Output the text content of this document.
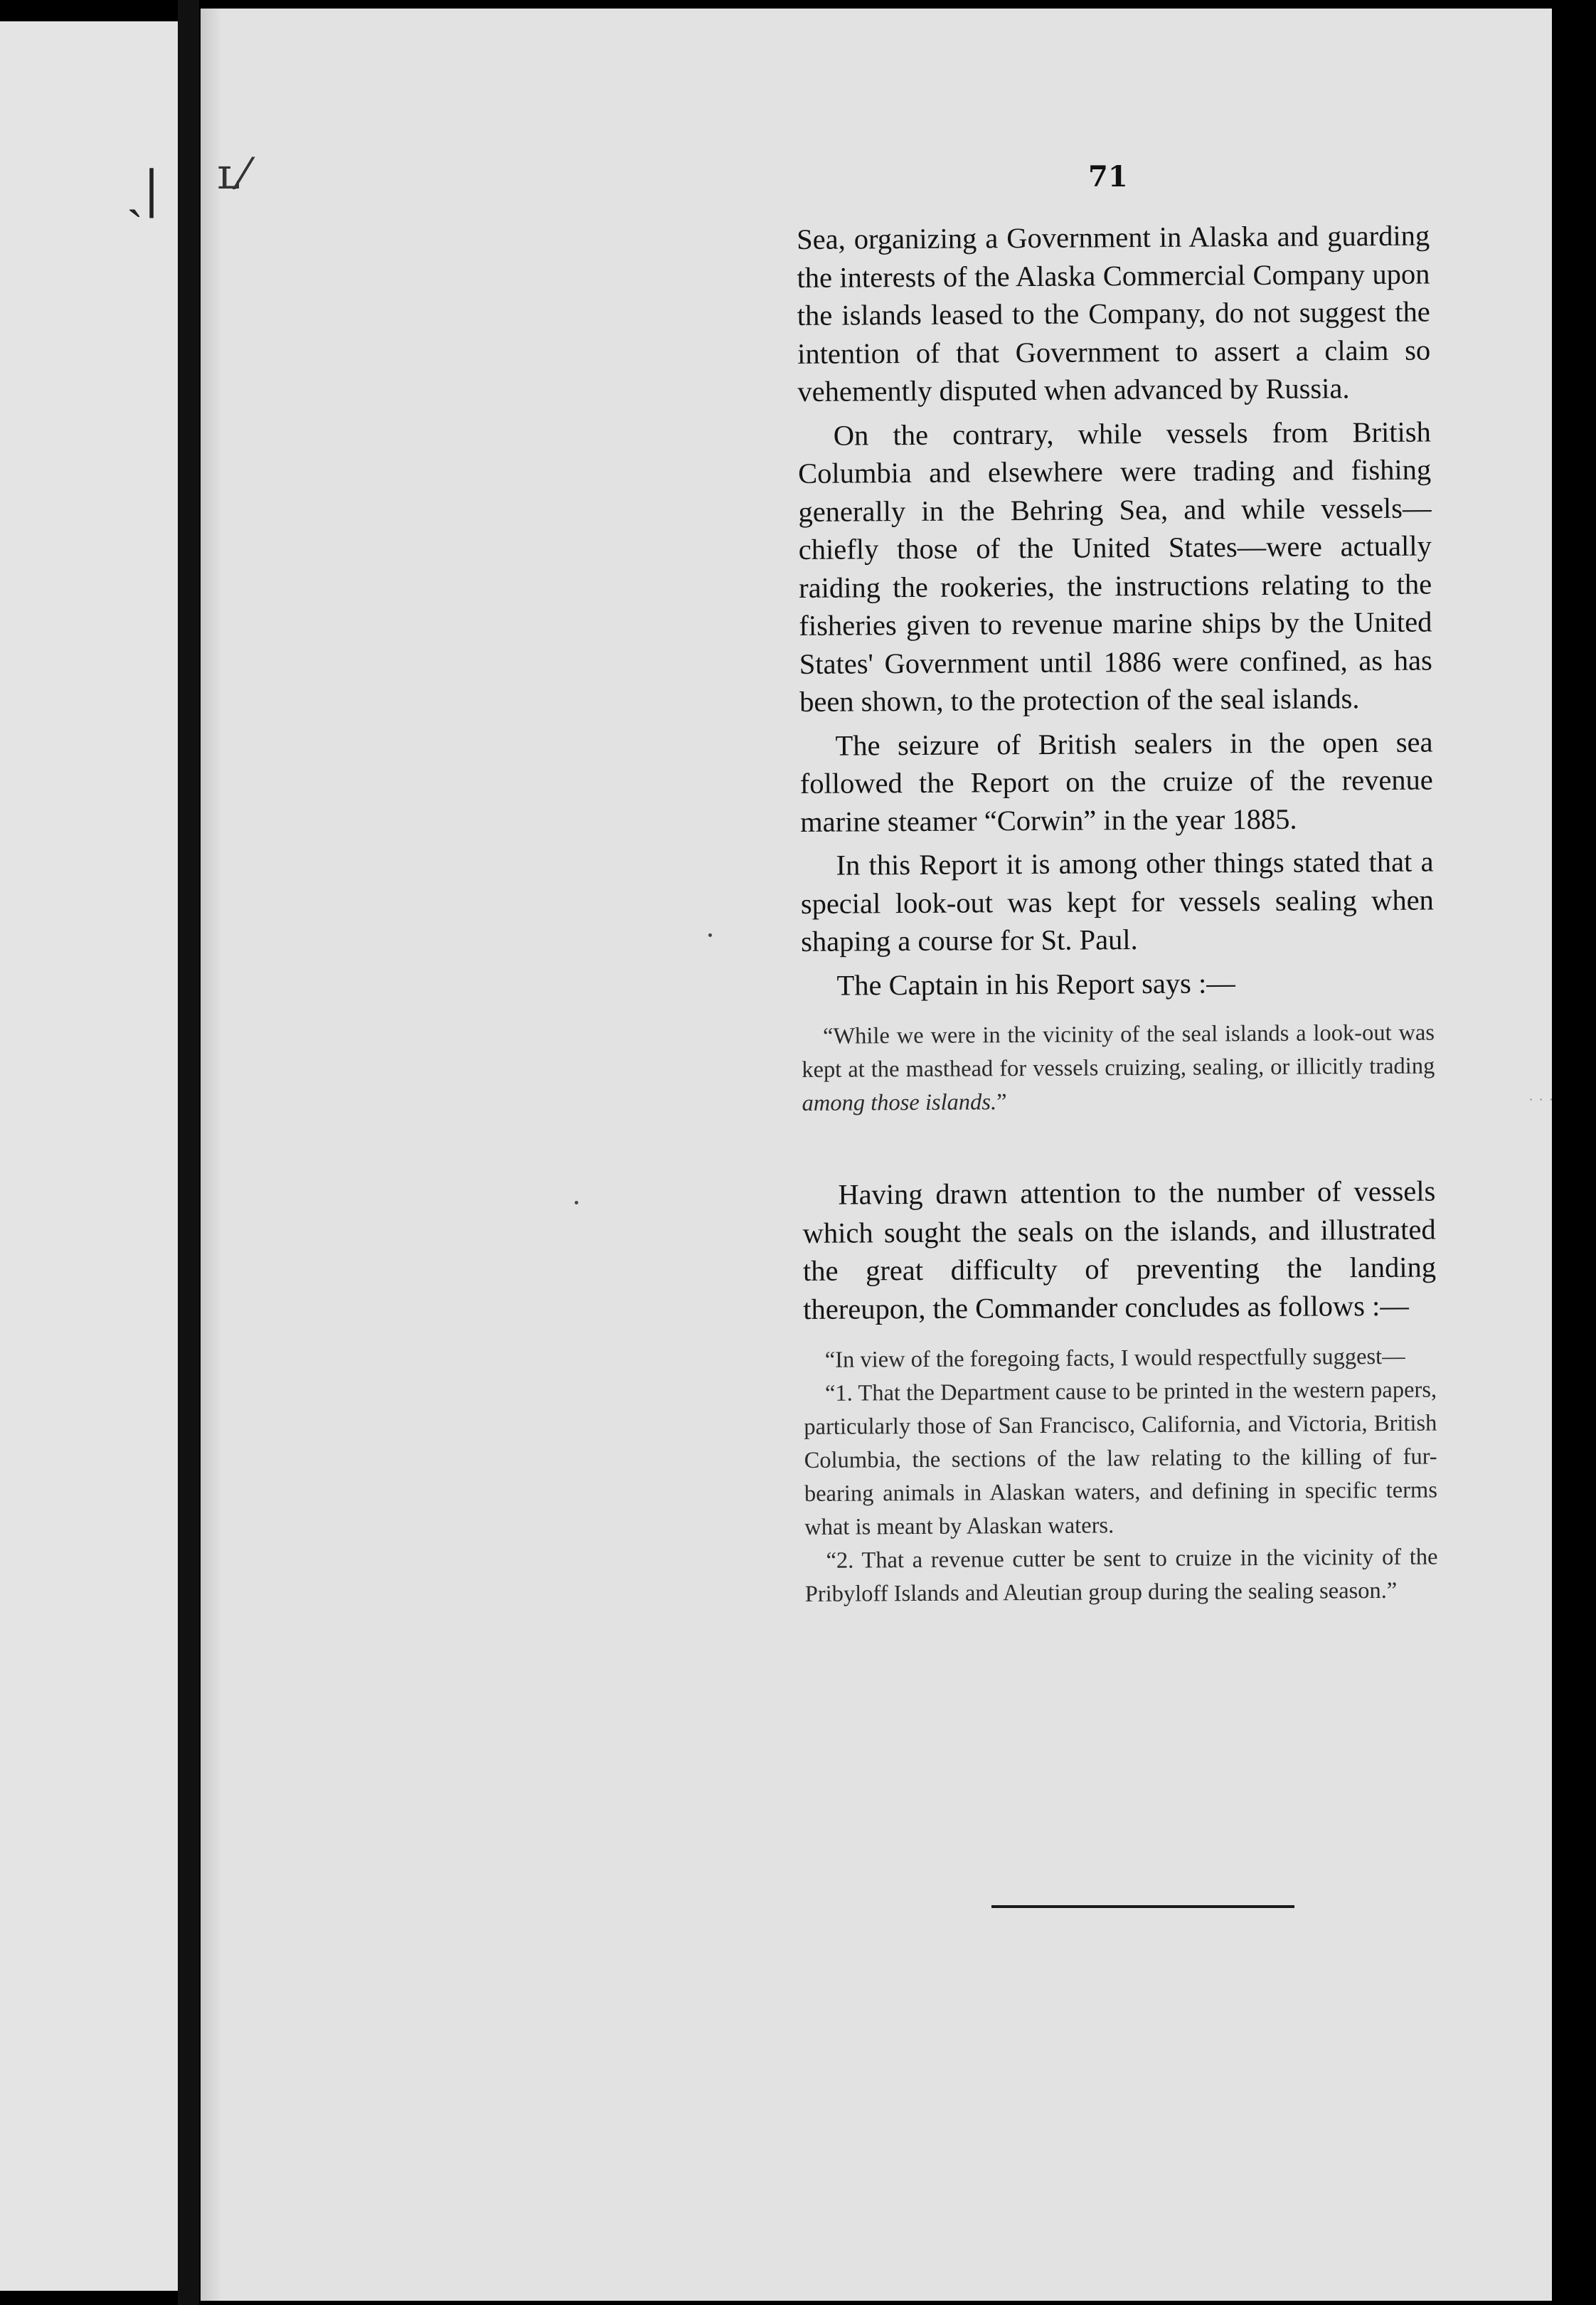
ˏ| ʟ⁄	71

Sea, organizing a Government in Alaska and guarding the interests of the Alaska Commercial Company upon the islands leased to the Company, do not suggest the intention of that Government to assert a claim so vehemently disputed when advanced by Russia.

On the contrary, while vessels from British Columbia and elsewhere were trading and fishing generally in the Behring Sea, and while vessels—chiefly those of the United States—were actually raiding the rookeries, the instructions relating to the fisheries given to revenue marine ships by the United States' Government until 1886 were confined, as has been shown, to the protection of the seal islands.

The seizure of British sealers in the open sea followed the Report on the cruize of the revenue marine steamer “Corwin” in the year 1885.

In this Report it is among other things stated that a special look-out was kept for vessels sealing when shaping a course for St. Paul.

The Captain in his Report says :—

“While we were in the vicinity of the seal islands a look-out was kept at the masthead for vessels cruizing, sealing, or illicitly trading among those islands.”

Having drawn attention to the number of vessels which sought the seals on the islands, and illustrated the great difficulty of preventing the landing thereupon, the Commander concludes as follows :—

“In view of the foregoing facts, I would respectfully suggest—

“1. That the Department cause to be printed in the western papers, particularly those of San Francisco, California, and Victoria, British Columbia, the sections of the law relating to the killing of fur-bearing animals in Alaskan waters, and defining in specific terms what is meant by Alaskan waters.

“2. That a revenue cutter be sent to cruize in the vicinity of the Pribyloff Islands and Aleutian group during the sealing season.”

· · ·
